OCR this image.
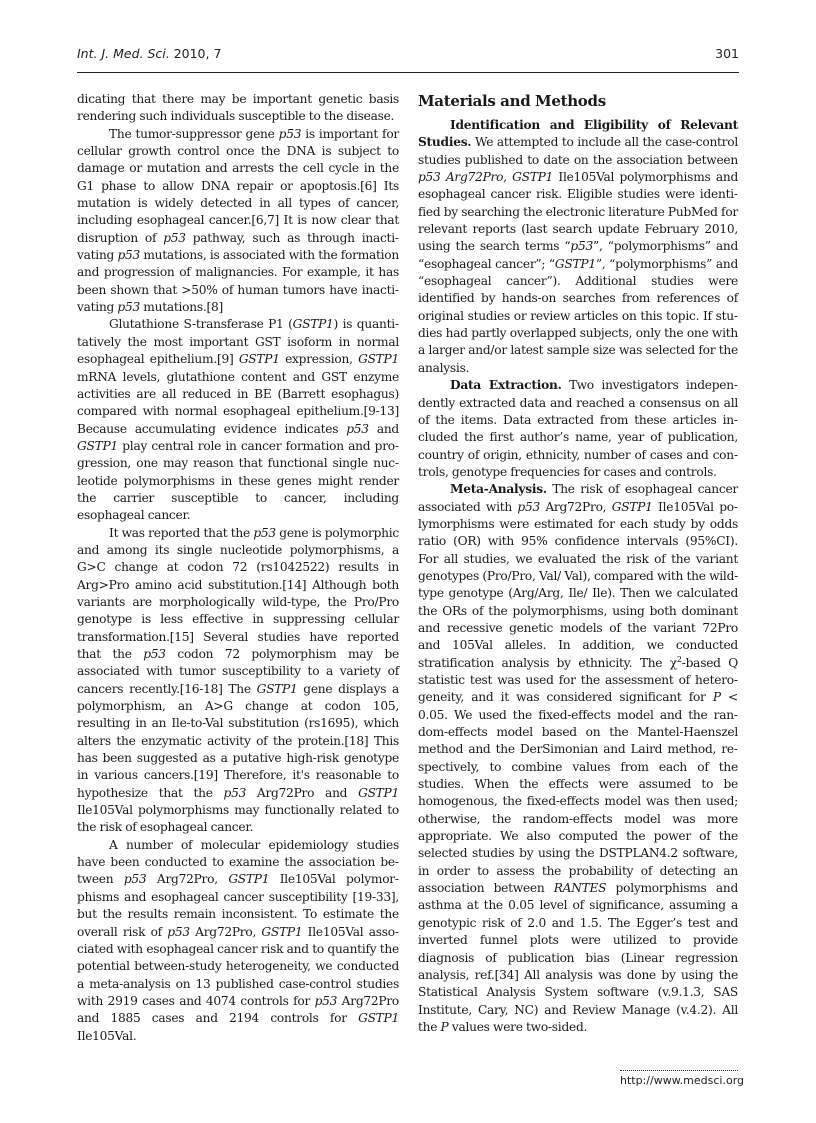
Int. J. Med. Sci. 2010, 7	301

dicating that there may be important genetic basis rendering such individuals susceptible to the disease.

The tumor-suppressor gene p53 is important for cellular growth control once the DNA is subject to damage or mutation and arrests the cell cycle in the G1 phase to allow DNA repair or apoptosis.[6] Its mutation is widely detected in all types of cancer, including esophageal cancer.[6,7] It is now clear that disruption of p53 pathway, such as through inactivating p53 mutations, is associated with the formation and progression of malignancies. For example, it has been shown that >50% of human tumors have inactivating p53 mutations.[8]

Glutathione S-transferase P1 (GSTP1) is quantitatively the most important GST isoform in normal esophageal epithelium.[9] GSTP1 expression, GSTP1 mRNA levels, glutathione content and GST enzyme activities are all reduced in BE (Barrett esophagus) compared with normal esophageal epithelium.[9-13] Because accumulating evidence indicates p53 and GSTP1 play central role in cancer formation and progression, one may reason that functional single nucleotide polymorphisms in these genes might render the carrier susceptible to cancer, including esophageal cancer.

It was reported that the p53 gene is polymorphic and among its single nucleotide polymorphisms, a G>C change at codon 72 (rs1042522) results in Arg>Pro amino acid substitution.[14] Although both variants are morphologically wild-type, the Pro/Pro genotype is less effective in suppressing cellular transformation.[15] Several studies have reported that the p53 codon 72 polymorphism may be associated with tumor susceptibility to a variety of cancers recently.[16-18] The GSTP1 gene displays a polymorphism, an A>G change at codon 105, resulting in an Ile-to-Val substitution (rs1695), which alters the enzymatic activity of the protein.[18] This has been suggested as a putative high-risk genotype in various cancers.[19] Therefore, it's reasonable to hypothesize that the p53 Arg72Pro and GSTP1 Ile105Val polymorphisms may functionally related to the risk of esophageal cancer.

A number of molecular epidemiology studies have been conducted to examine the association between p53 Arg72Pro, GSTP1 Ile105Val polymorphisms and esophageal cancer susceptibility [19-33], but the results remain inconsistent. To estimate the overall risk of p53 Arg72Pro, GSTP1 Ile105Val associated with esophageal cancer risk and to quantify the potential between-study heterogeneity, we conducted a meta-analysis on 13 published case-control studies with 2919 cases and 4074 controls for p53 Arg72Pro and 1885 cases and 2194 controls for GSTP1 Ile105Val.

Materials and Methods

Identification and Eligibility of Relevant Studies. We attempted to include all the case-control studies published to date on the association between p53 Arg72Pro, GSTP1 Ile105Val polymorphisms and esophageal cancer risk. Eligible studies were identified by searching the electronic literature PubMed for relevant reports (last search update February 2010, using the search terms “p53”, “polymorphisms” and “esophageal cancer”; “GSTP1”, “polymorphisms” and “esophageal cancer”). Additional studies were identified by hands-on searches from references of original studies or review articles on this topic. If studies had partly overlapped subjects, only the one with a larger and/or latest sample size was selected for the analysis.

Data Extraction. Two investigators independently extracted data and reached a consensus on all of the items. Data extracted from these articles included the first author’s name, year of publication, country of origin, ethnicity, number of cases and controls, genotype frequencies for cases and controls.

Meta-Analysis. The risk of esophageal cancer associated with p53 Arg72Pro, GSTP1 Ile105Val polymorphisms were estimated for each study by odds ratio (OR) with 95% confidence intervals (95%CI). For all studies, we evaluated the risk of the variant genotypes (Pro/Pro, Val/ Val), compared with the wild-type genotype (Arg/Arg, Ile/ Ile). Then we calculated the ORs of the polymorphisms, using both dominant and recessive genetic models of the variant 72Pro and 105Val alleles. In addition, we conducted stratification analysis by ethnicity. The $\chi^2$-based Q statistic test was used for the assessment of heterogeneity, and it was considered significant for P < 0.05. We used the fixed-effects model and the random-effects model based on the Mantel-Haenszel method and the DerSimonian and Laird method, respectively, to combine values from each of the studies. When the effects were assumed to be homogenous, the fixed-effects model was then used; otherwise, the random-effects model was more appropriate. We also computed the power of the selected studies by using the DSTPLAN4.2 software, in order to assess the probability of detecting an association between RANTES polymorphisms and asthma at the 0.05 level of significance, assuming a genotypic risk of 2.0 and 1.5. The Egger’s test and inverted funnel plots were utilized to provide diagnosis of publication bias (Linear regression analysis, ref.[34] All analysis was done by using the Statistical Analysis System software (v.9.1.3, SAS Institute, Cary, NC) and Review Manage (v.4.2). All the P values were two-sided.

http://www.medsci.org
